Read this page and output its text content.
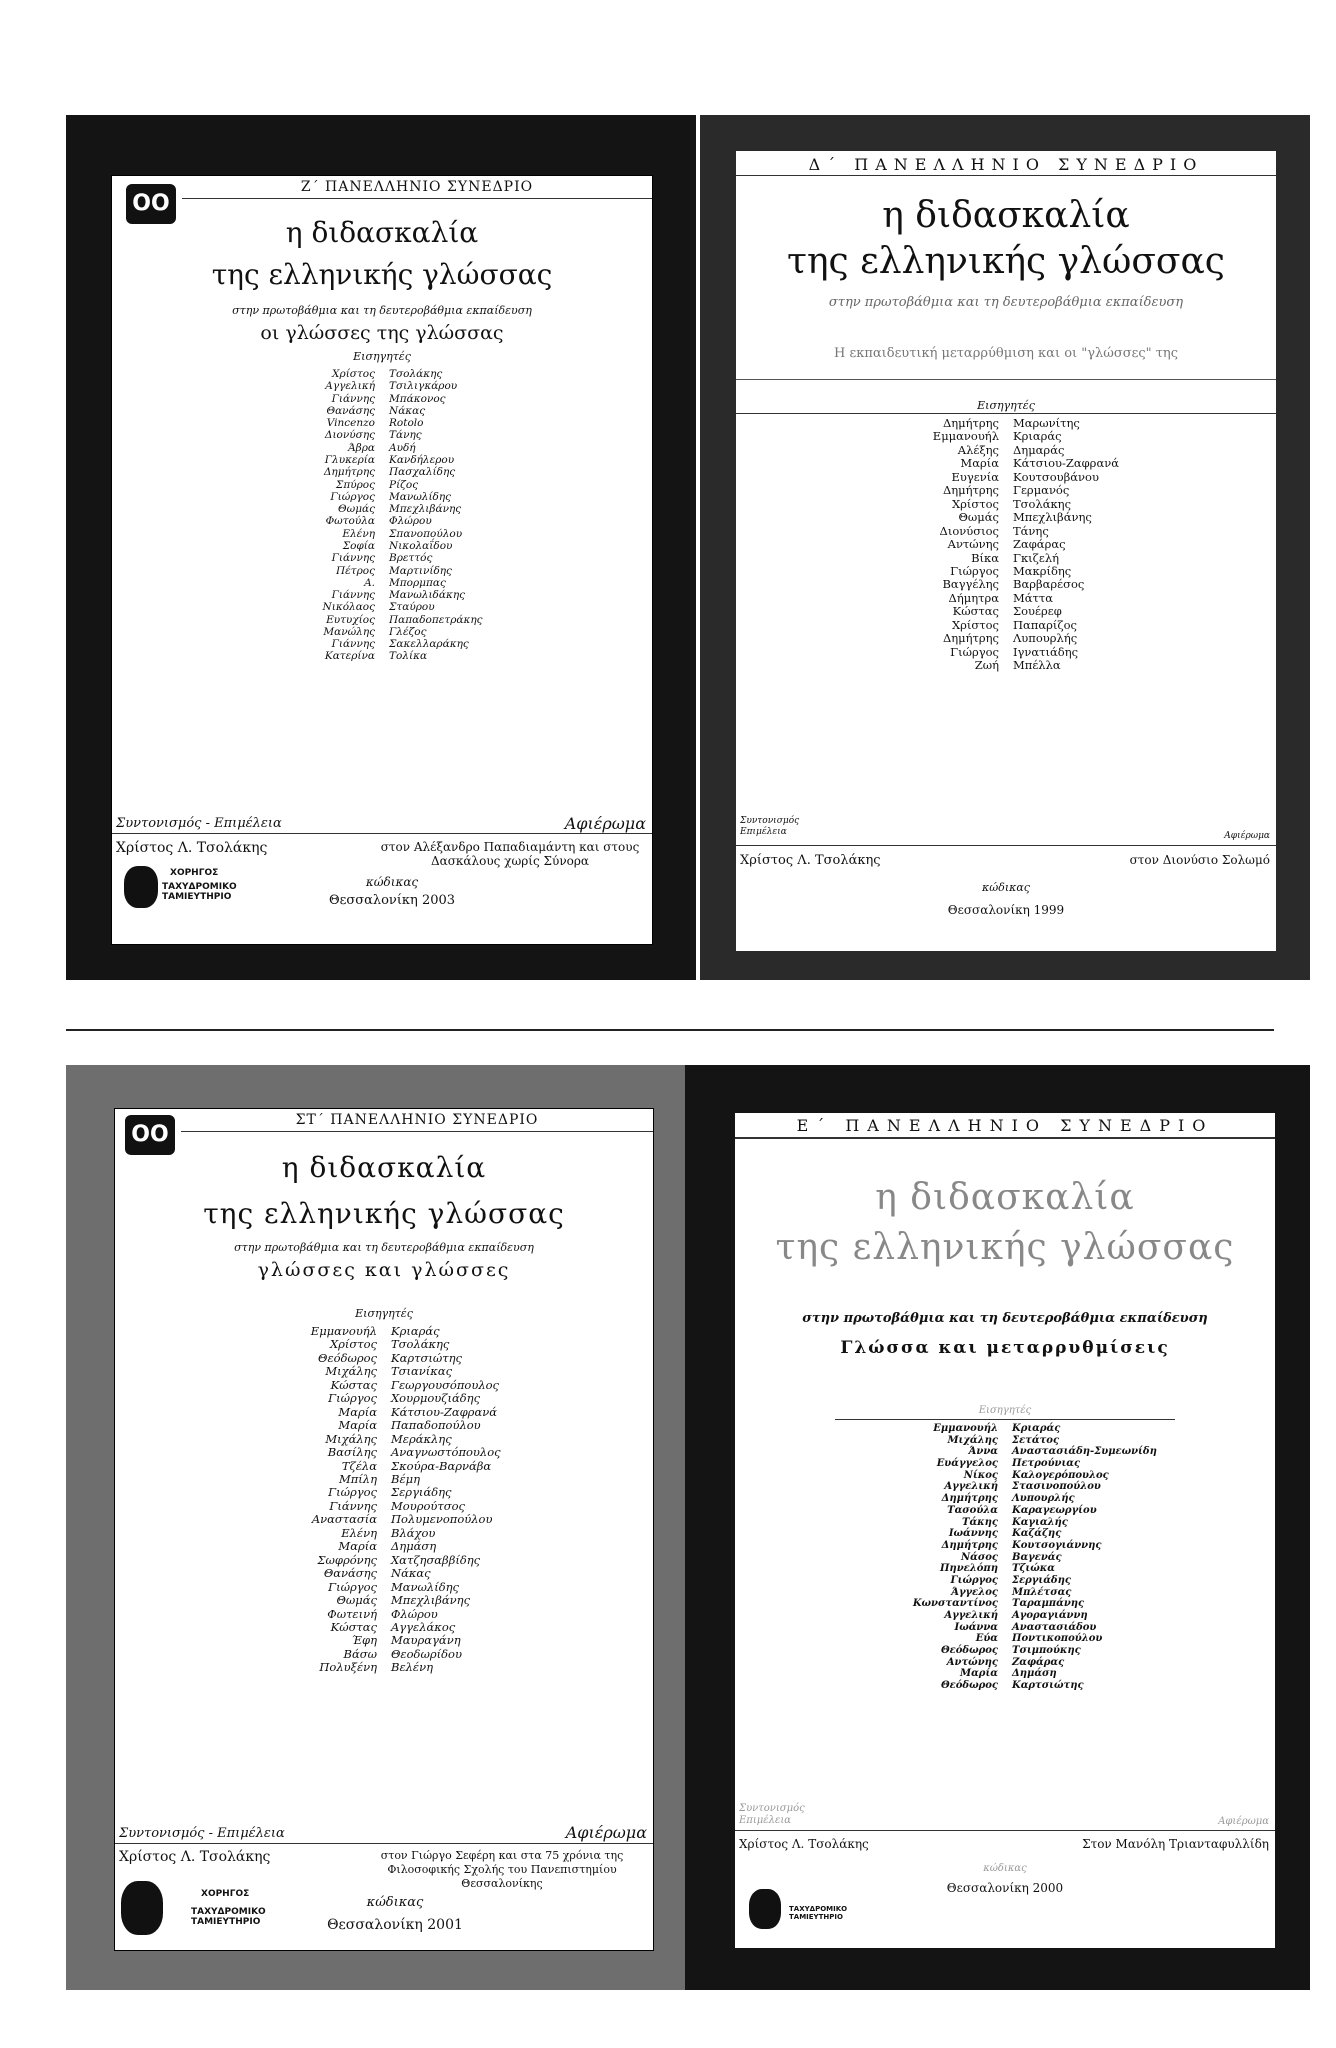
ΟΟ
Ζ΄ ΠΑΝΕΛΛΗΝΙΟ ΣΥΝΕΔΡΙΟ
η διδασκαλία
της ελληνικής γλώσσας
στην πρωτοβάθμια και τη δευτεροβάθμια εκπαίδευση
οι γλώσσες της γλώσσας
Εισηγητές
Χρίστος	Τσολάκης
Αγγελική	Τσιλιγκάρου
Γιάννης	Μπάκονος
Θανάσης	Νάκας
Vincenzo	Rotolo
Διονύσης	Τάνης
Άβρα	Αυδή
Γλυκερία	Κανδήλερου
Δημήτρης	Πασχαλίδης
Σπύρος	Ρίζος
Γιώργος	Μανωλίδης
Θωμάς	Μπεχλιβάνης
Φωτούλα	Φλώρου
Ελένη	Σπανοπούλου
Σοφία	Νικολαΐδου
Γιάννης	Βρεττός
Πέτρος	Μαρτινίδης
Α.	Μπορμπας
Γιάννης	Μανωλιδάκης
Νικόλαος	Σταύρου
Ευτυχίος	Παπαδοπετράκης
Μανώλης	Γλέζος
Γιάννης	Σακελλαράκης
Κατερίνα	Τολίκα
Συντονισμός - Επιμέλεια	Αφιέρωμα
Χρίστος Λ. Τσολάκης	στον Αλέξανδρο Παπαδιαμάντη και στους Δασκάλους χωρίς Σύνορα
ΧΟΡΗΓΟΣ
ΤΑΧΥΔΡΟΜΙΚΟ ΤΑΜΙΕΥΤΗΡΙΟ
κώδικας
Θεσσαλονίκη 2003
Δ΄ ΠΑΝΕΛΛΗΝΙΟ ΣΥΝΕΔΡΙΟ
η διδασκαλία
της ελληνικής γλώσσας
στην πρωτοβάθμια και τη δευτεροβάθμια εκπαίδευση
Η εκπαιδευτική μεταρρύθμιση και οι "γλώσσες" της
Εισηγητές
Δημήτρης	Μαρωνίτης
Εμμανουήλ	Κριαράς
Αλέξης	Δημαράς
Μαρία	Κάτσιου-Ζαφρανά
Ευγενία	Κουτσουβάνου
Δημήτρης	Γερμανός
Χρίστος	Τσολάκης
Θωμάς	Μπεχλιβάνης
Διονύσιος	Τάνης
Αντώνης	Ζαφάρας
Βίκα	Γκιζελή
Γιώργος	Μακρίδης
Βαγγέλης	Βαρβαρέσος
Δήμητρα	Μάττα
Κώστας	Σουέρεφ
Χρίστος	Παπαρίζος
Δημήτρης	Λυπουρλής
Γιώργος	Ιγνατιάδης
Ζωή	Μπέλλα
Συντονισμός Επιμέλεια	Αφιέρωμα
Χρίστος Λ. Τσολάκης	στον Διονύσιο Σολωμό
κώδικας
Θεσσαλονίκη 1999
ΟΟ
ΣΤ΄ ΠΑΝΕΛΛΗΝΙΟ ΣΥΝΕΔΡΙΟ
η διδασκαλία
της ελληνικής γλώσσας
στην πρωτοβάθμια και τη δευτεροβάθμια εκπαίδευση
γλώσσες και γλώσσες
Εισηγητές
Εμμανουήλ	Κριαράς
Χρίστος	Τσολάκης
Θεόδωρος	Καρτσιώτης
Μιχάλης	Τσιανίκας
Κώστας	Γεωργουσόπουλος
Γιώργος	Χουρμουζιάδης
Μαρία	Κάτσιου-Ζαφρανά
Μαρία	Παπαδοπούλου
Μιχάλης	Μεράκλης
Βασίλης	Αναγνωστόπουλος
Τζέλα	Σκούρα-Βαρνάβα
Μπίλη	Βέμη
Γιώργος	Σεργιάδης
Γιάννης	Μουρούτσος
Αναστασία	Πολυμενοπούλου
Ελένη	Βλάχου
Μαρία	Δημάση
Σωφρόνης	Χατζησαββίδης
Θανάσης	Νάκας
Γιώργος	Μανωλίδης
Θωμάς	Μπεχλιβάνης
Φωτεινή	Φλώρου
Κώστας	Αγγελάκος
Έφη	Μαυραγάνη
Βάσω	Θεοδωρίδου
Πολυξένη	Βελένη
Συντονισμός - Επιμέλεια	Αφιέρωμα
Χρίστος Λ. Τσολάκης	στον Γιώργο Σεφέρη και στα 75 χρόνια της Φιλοσοφικής Σχολής του Πανεπιστημίου Θεσσαλονίκης
ΧΟΡΗΓΟΣ
ΤΑΧΥΔΡΟΜΙΚΟ ΤΑΜΙΕΥΤΗΡΙΟ
κώδικας
Θεσσαλονίκη 2001
Ε΄ ΠΑΝΕΛΛΗΝΙΟ ΣΥΝΕΔΡΙΟ
η διδασκαλία
της ελληνικής γλώσσας
στην πρωτοβάθμια και τη δευτεροβάθμια εκπαίδευση
Γλώσσα και μεταρρυθμίσεις
Εισηγητές
Εμμανουήλ	Κριαράς
Μιχάλης	Σετάτος
Άννα	Αναστασιάδη-Συμεωνίδη
Ευάγγελος	Πετρούνιας
Νίκος	Καλογερόπουλος
Αγγελική	Στασινοπούλου
Δημήτρης	Λυπουρλής
Τασούλα	Καραγεωργίου
Τάκης	Καγιαλής
Ιωάννης	Καζάζης
Δημήτρης	Κουτσογιάννης
Νάσος	Βαγενάς
Πηνελόπη	Τζιώκα
Γιώργος	Σεργιάδης
Άγγελος	Μπλέτσας
Κωνσταντίνος	Ταραμπάνης
Αγγελική	Αγοραγιάννη
Ιωάννα	Αναστασιάδου
Εύα	Ποντικοπούλου
Θεόδωρος	Τσιμπούκης
Αντώνης	Ζαφάρας
Μαρία	Δημάση
Θεόδωρος	Καρτσιώτης
Συντονισμός Επιμέλεια	Αφιέρωμα
Χρίστος Λ. Τσολάκης	Στον Μανόλη Τριανταφυλλίδη
κώδικας
Θεσσαλονίκη 2000
ΤΑΧΥΔΡΟΜΙΚΟ ΤΑΜΙΕΥΤΗΡΙΟ
